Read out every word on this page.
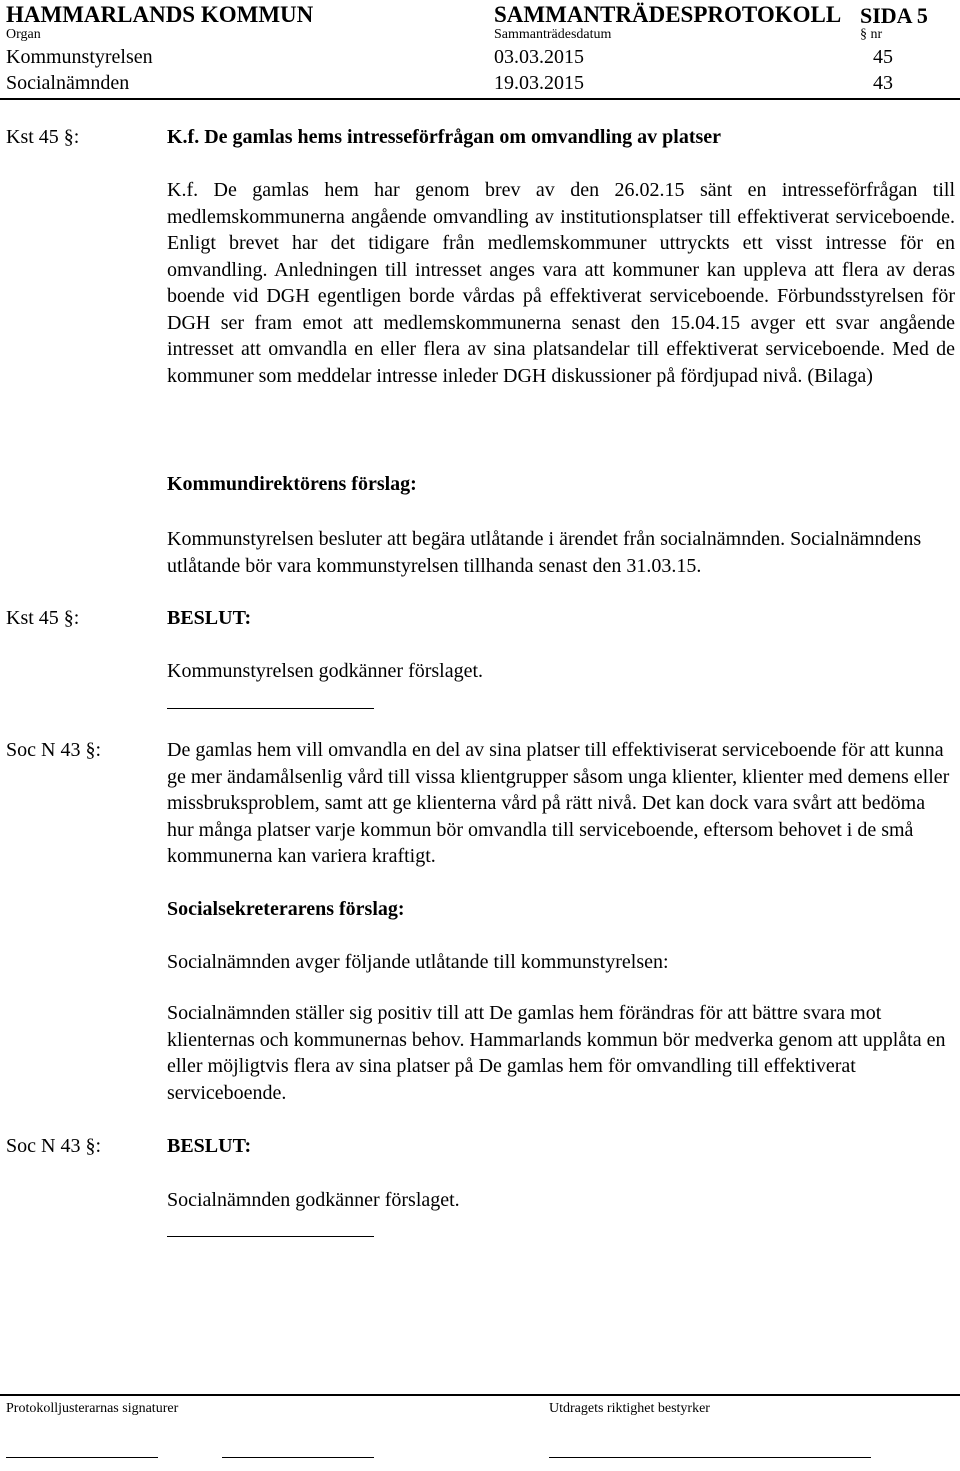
HAMMARLANDS KOMMUN	SAMMANTRÄDESPROTOKOLL SIDA 5
Organ	Sammanträdesdatum	§ nr
Kommunstyrelsen	03.03.2015	45
Socialnämnden	19.03.2015	43
Kst 45 §:	K.f. De gamlas hems intresseförfrågan om omvandling av platser
K.f. De gamlas hem har genom brev av den 26.02.15 sänt en intresseförfrågan till medlemskommunerna angående omvandling av institutionsplatser till effektiverat serviceboende. Enligt brevet har det tidigare från medlemskommuner uttryckts ett visst intresse för en omvandling. Anledningen till intresset anges vara att kommuner kan uppleva att flera av deras boende vid DGH egentligen borde vårdas på effektiverat serviceboende. Förbundsstyrelsen för DGH ser fram emot att medlemskommunerna senast den 15.04.15 avger ett svar angående intresset att omvandla en eller flera av sina platsandelar till effektiverat serviceboende. Med de kommuner som meddelar intresse inleder DGH diskussioner på fördjupad nivå. (Bilaga)
Kommundirektörens förslag:
Kommunstyrelsen besluter att begära utlåtande i ärendet från socialnämnden. Socialnämndens utlåtande bör vara kommunstyrelsen tillhanda senast den 31.03.15.
Kst 45 §:	BESLUT:
Kommunstyrelsen godkänner förslaget.
Soc N 43 §:	De gamlas hem vill omvandla en del av sina platser till effektiviserat serviceboende för att kunna ge mer ändamålsenlig vård till vissa klientgrupper såsom unga klienter, klienter med demens eller missbruksproblem, samt att ge klienterna vård på rätt nivå. Det kan dock vara svårt att bedöma hur många platser varje kommun bör omvandla till serviceboende, eftersom behovet i de små kommunerna kan variera kraftigt.
Socialsekreterarens förslag:
Socialnämnden avger följande utlåtande till kommunstyrelsen:
Socialnämnden ställer sig positiv till att De gamlas hem förändras för att bättre svara mot klienternas och kommunernas behov. Hammarlands kommun bör medverka genom att upplåta en eller möjligtvis flera av sina platser på De gamlas hem för omvandling till effektiverat serviceboende.
Soc N 43 §:	BESLUT:
Socialnämnden godkänner förslaget.
Protokolljusterarnas signaturer	Utdragets riktighet bestyrker
